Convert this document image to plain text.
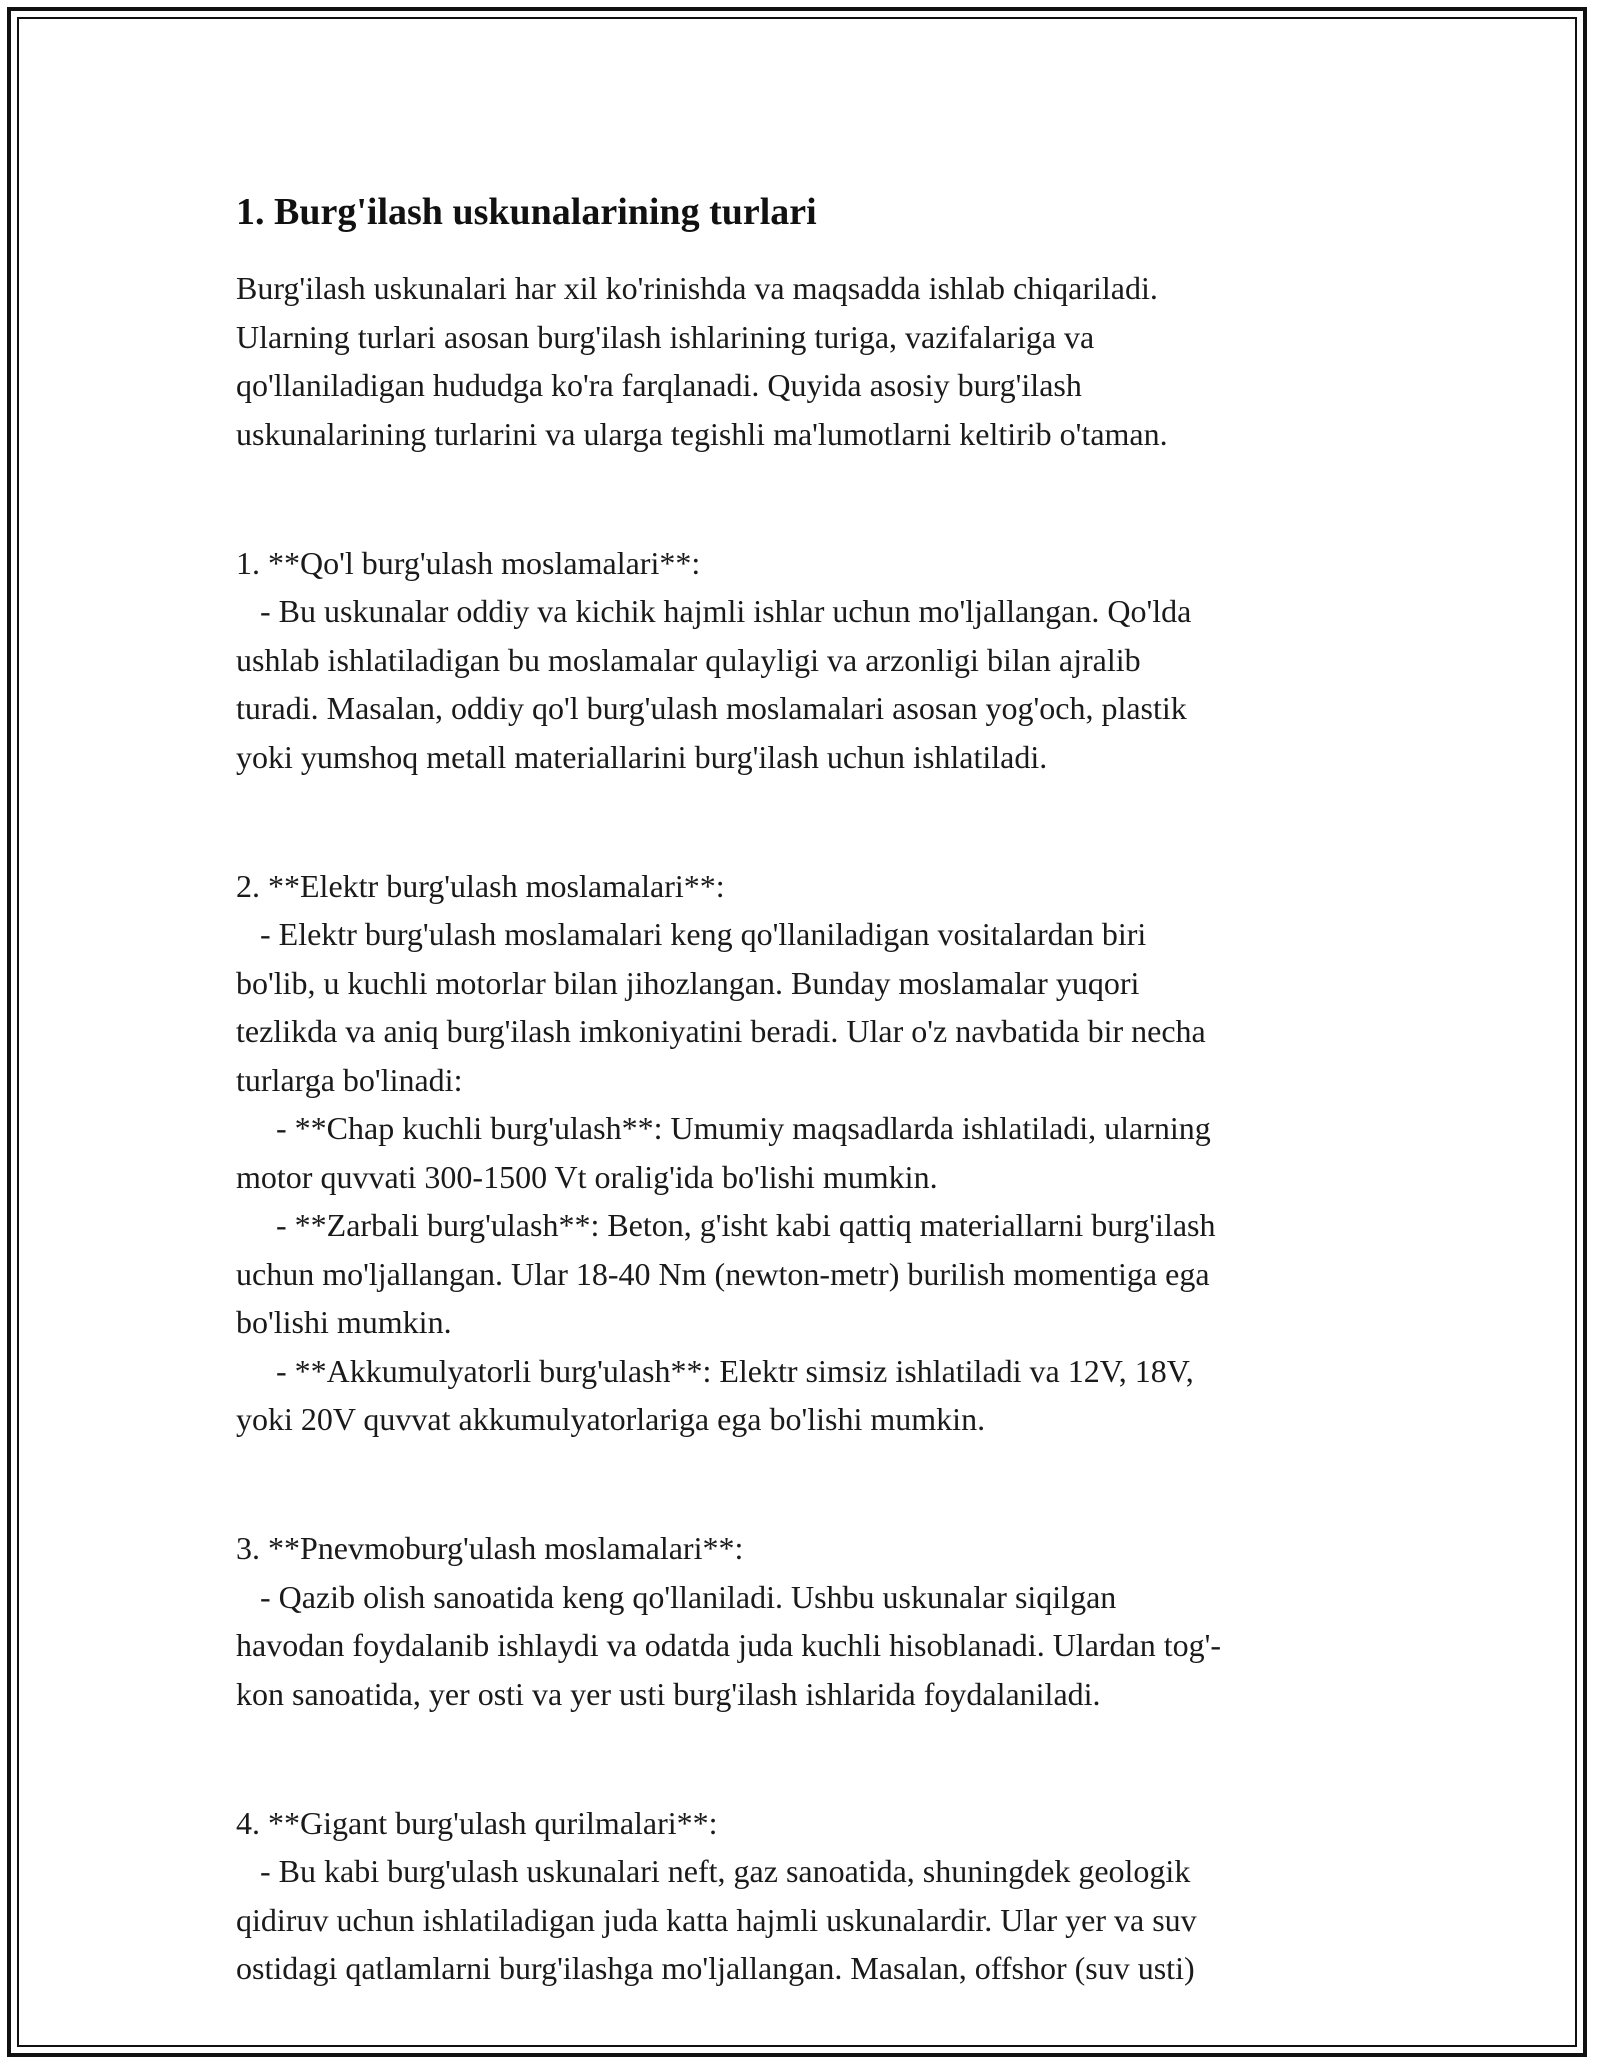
1. Burg'ilash uskunalarining turlari

Burg'ilash uskunalari har xil ko'rinishda va maqsadda ishlab chiqariladi.

Ularning turlari asosan burg'ilash ishlarining turiga, vazifalariga va

qo'llaniladigan hududga ko'ra farqlanadi. Quyida asosiy burg'ilash

uskunalarining turlarini va ularga tegishli ma'lumotlarni keltirib o'taman.

1. **Qo'l burg'ulash moslamalari**:

- Bu uskunalar oddiy va kichik hajmli ishlar uchun mo'ljallangan. Qo'lda

ushlab ishlatiladigan bu moslamalar qulayligi va arzonligi bilan ajralib

turadi. Masalan, oddiy qo'l burg'ulash moslamalari asosan yog'och, plastik

yoki yumshoq metall materiallarini burg'ilash uchun ishlatiladi.

2. **Elektr burg'ulash moslamalari**:

- Elektr burg'ulash moslamalari keng qo'llaniladigan vositalardan biri

bo'lib, u kuchli motorlar bilan jihozlangan. Bunday moslamalar yuqori

tezlikda va aniq burg'ilash imkoniyatini beradi. Ular o'z navbatida bir necha

turlarga bo'linadi:

- **Chap kuchli burg'ulash**: Umumiy maqsadlarda ishlatiladi, ularning

motor quvvati 300-1500 Vt oralig'ida bo'lishi mumkin.

- **Zarbali burg'ulash**: Beton, g'isht kabi qattiq materiallarni burg'ilash

uchun mo'ljallangan. Ular 18-40 Nm (newton-metr) burilish momentiga ega

bo'lishi mumkin.

- **Akkumulyatorli burg'ulash**: Elektr simsiz ishlatiladi va 12V, 18V,

yoki 20V quvvat akkumulyatorlariga ega bo'lishi mumkin.

3. **Pnevmoburg'ulash moslamalari**:

- Qazib olish sanoatida keng qo'llaniladi. Ushbu uskunalar siqilgan

havodan foydalanib ishlaydi va odatda juda kuchli hisoblanadi. Ulardan tog'-

kon sanoatida, yer osti va yer usti burg'ilash ishlarida foydalaniladi.

4. **Gigant burg'ulash qurilmalari**:

- Bu kabi burg'ulash uskunalari neft, gaz sanoatida, shuningdek geologik

qidiruv uchun ishlatiladigan juda katta hajmli uskunalardir. Ular yer va suv

ostidagi qatlamlarni burg'ilashga mo'ljallangan. Masalan, offshor (suv usti)
